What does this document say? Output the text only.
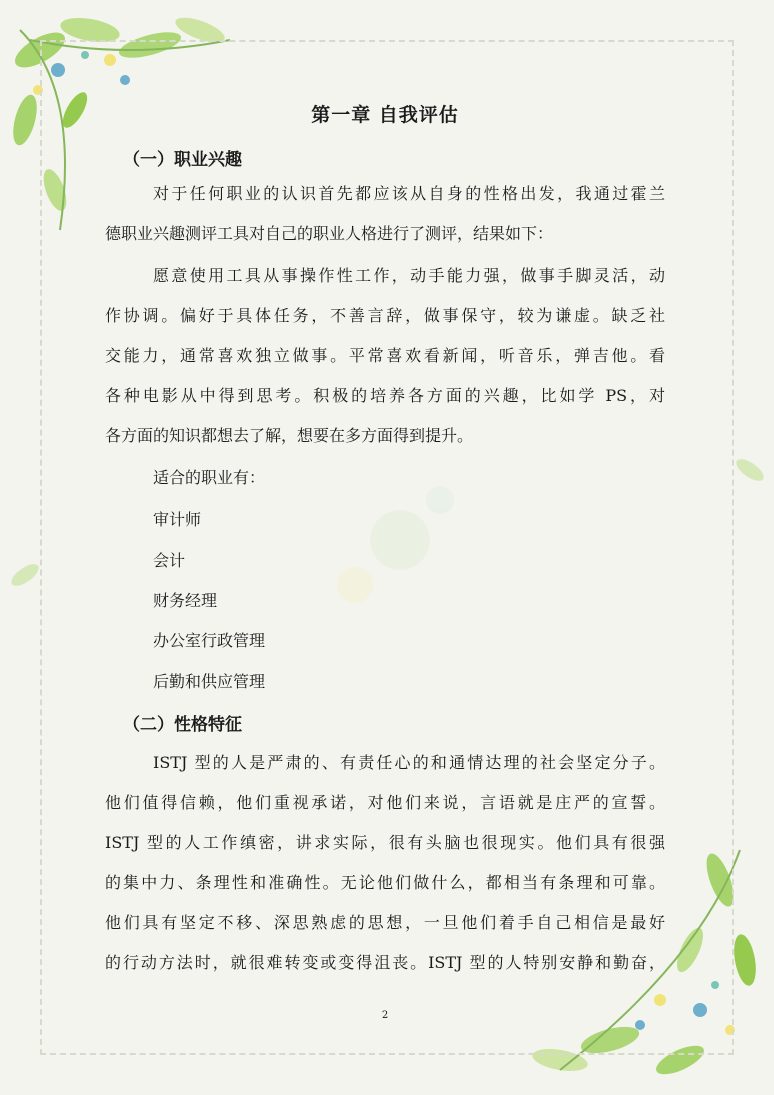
第一章 自我评估
（一）职业兴趣

对于任何职业的认识首先都应该从自身的性格出发，我通过霍兰
德职业兴趣测评工具对自己的职业人格进行了测评，结果如下：

愿意使用工具从事操作性工作，动手能力强，做事手脚灵活，动
作协调。偏好于具体任务，不善言辞，做事保守，较为谦虚。缺乏社
交能力，通常喜欢独立做事。平常喜欢看新闻，听音乐，弹吉他。看
各种电影从中得到思考。积极的培养各方面的兴趣，比如学 PS，对
各方面的知识都想去了解，想要在多方面得到提升。

适合的职业有：
审计师
会计
财务经理
办公室行政管理
后勤和供应管理
（二）性格特征

ISTJ 型的人是严肃的、有责任心的和通情达理的社会坚定分子。
他们值得信赖，他们重视承诺，对他们来说，言语就是庄严的宣誓。
ISTJ 型的人工作缜密，讲求实际，很有头脑也很现实。他们具有很强
的集中力、条理性和准确性。无论他们做什么，都相当有条理和可靠。
他们具有坚定不移、深思熟虑的思想，一旦他们着手自己相信是最好
的行动方法时，就很难转变或变得沮丧。ISTJ 型的人特别安静和勤奋，

2
